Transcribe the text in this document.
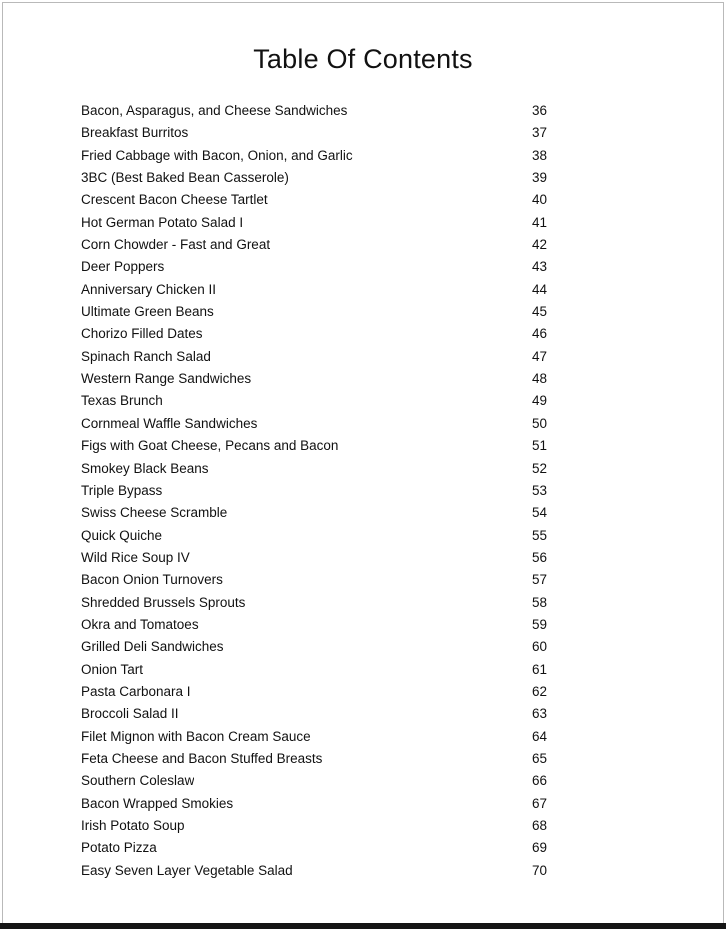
Table Of Contents
Bacon, Asparagus, and Cheese Sandwiches	36
Breakfast Burritos	37
Fried Cabbage with Bacon, Onion, and Garlic	38
3BC (Best Baked Bean Casserole)	39
Crescent Bacon Cheese Tartlet	40
Hot German Potato Salad I	41
Corn Chowder - Fast and Great	42
Deer Poppers	43
Anniversary Chicken II	44
Ultimate Green Beans	45
Chorizo Filled Dates	46
Spinach Ranch Salad	47
Western Range Sandwiches	48
Texas Brunch	49
Cornmeal Waffle Sandwiches	50
Figs with Goat Cheese, Pecans and Bacon	51
Smokey Black Beans	52
Triple Bypass	53
Swiss Cheese Scramble	54
Quick Quiche	55
Wild Rice Soup IV	56
Bacon Onion Turnovers	57
Shredded Brussels Sprouts	58
Okra and Tomatoes	59
Grilled Deli Sandwiches	60
Onion Tart	61
Pasta Carbonara I	62
Broccoli Salad II	63
Filet Mignon with Bacon Cream Sauce	64
Feta Cheese and Bacon Stuffed Breasts	65
Southern Coleslaw	66
Bacon Wrapped Smokies	67
Irish Potato Soup	68
Potato Pizza	69
Easy Seven Layer Vegetable Salad	70
